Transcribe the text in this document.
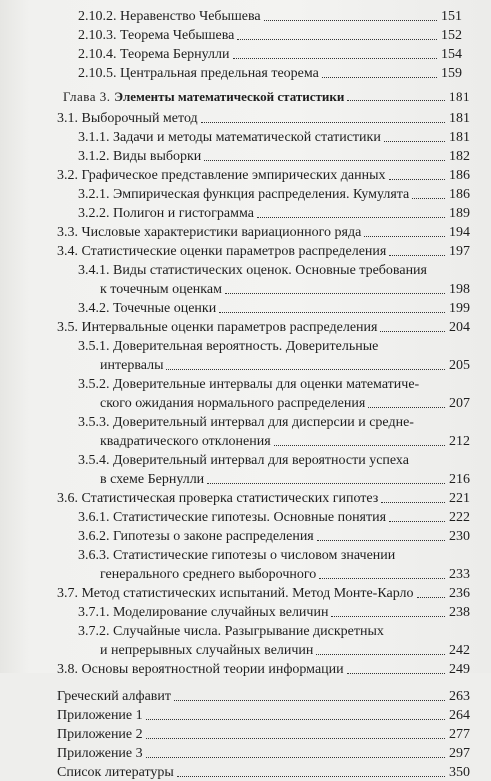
2.10.2. Неравенство Чебышева	151
2.10.3. Теорема Чебышева	152
2.10.4. Теорема Бернулли	154
2.10.5. Центральная предельная теорема	159
Глава 3. Элементы математической статистики	181
3.1. Выборочный метод	181
3.1.1. Задачи и методы математической статистики	181
3.1.2. Виды выборки	182
3.2. Графическое представление эмпирических данных	186
3.2.1. Эмпирическая функция распределения. Кумулята	186
3.2.2. Полигон и гистограмма	189
3.3. Числовые характеристики вариационного ряда	194
3.4. Статистические оценки параметров распределения	197
3.4.1. Виды статистических оценок. Основные требования
к точечным оценкам	198
3.4.2. Точечные оценки	199
3.5. Интервальные оценки параметров распределения	204
3.5.1. Доверительная вероятность. Доверительные
интервалы	205
3.5.2. Доверительные интервалы для оценки математиче-
ского ожидания нормального распределения	207
3.5.3. Доверительный интервал для дисперсии и средне-
квадратического отклонения	212
3.5.4. Доверительный интервал для вероятности успеха
в схеме Бернулли	216
3.6. Статистическая проверка статистических гипотез	221
3.6.1. Статистические гипотезы. Основные понятия	222
3.6.2. Гипотезы о законе распределения	230
3.6.3. Статистические гипотезы о числовом значении
генерального среднего выборочного	233
3.7. Метод статистических испытаний. Метод Монте-Карло	236
3.7.1. Моделирование случайных величин	238
3.7.2. Случайные числа. Разыгрывание дискретных
и непрерывных случайных величин	242
3.8. Основы вероятностной теории информации	249
Греческий алфавит	263
Приложение 1	264
Приложение 2	277
Приложение 3	297
Список литературы	350
